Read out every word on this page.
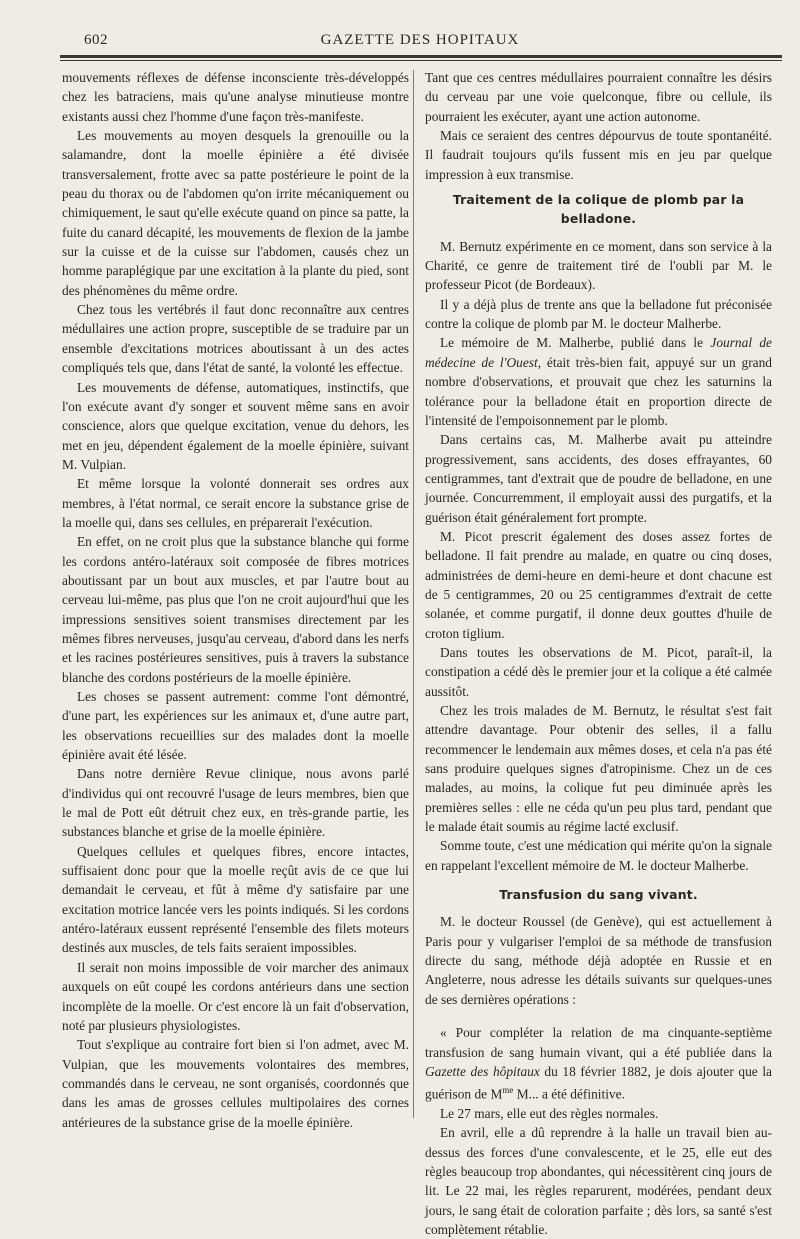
602	GAZETTE DES HOPITAUX

mouvements réflexes de défense inconsciente très-développés chez les batraciens, mais qu'une analyse minutieuse montre existants aussi chez l'homme d'une façon très-manifeste.

Les mouvements au moyen desquels la grenouille ou la salamandre, dont la moelle épinière a été divisée transversalement, frotte avec sa patte postérieure le point de la peau du thorax ou de l'abdomen qu'on irrite mécaniquement ou chimiquement, le saut qu'elle exécute quand on pince sa patte, la fuite du canard décapité, les mouvements de flexion de la jambe sur la cuisse et de la cuisse sur l'abdomen, causés chez un homme paraplégique par une excitation à la plante du pied, sont des phénomènes du même ordre.

Chez tous les vertébrés il faut donc reconnaître aux centres médullaires une action propre, susceptible de se traduire par un ensemble d'excitations motrices aboutissant à un des actes compliqués tels que, dans l'état de santé, la volonté les effectue.

Les mouvements de défense, automatiques, instinctifs, que l'on exécute avant d'y songer et souvent même sans en avoir conscience, alors que quelque excitation, venue du dehors, les met en jeu, dépendent également de la moelle épinière, suivant M. Vulpian.

Et même lorsque la volonté donnerait ses ordres aux membres, à l'état normal, ce serait encore la substance grise de la moelle qui, dans ses cellules, en préparerait l'exécution.

En effet, on ne croit plus que la substance blanche qui forme les cordons antéro-latéraux soit composée de fibres motrices aboutissant par un bout aux muscles, et par l'autre bout au cerveau lui-même, pas plus que l'on ne croit aujourd'hui que les impressions sensitives soient transmises directement par les mêmes fibres nerveuses, jusqu'au cerveau, d'abord dans les nerfs et les racines postérieures sensitives, puis à travers la substance blanche des cordons postérieurs de la moelle épinière.

Les choses se passent autrement: comme l'ont démontré, d'une part, les expériences sur les animaux et, d'une autre part, les observations recueillies sur des malades dont la moelle épinière avait été lésée.

Dans notre dernière Revue clinique, nous avons parlé d'individus qui ont recouvré l'usage de leurs membres, bien que le mal de Pott eût détruit chez eux, en très-grande partie, les substances blanche et grise de la moelle épinière.

Quelques cellules et quelques fibres, encore intactes, suffisaient donc pour que la moelle reçût avis de ce que lui demandait le cerveau, et fût à même d'y satisfaire par une excitation motrice lancée vers les points indiqués. Si les cordons antéro-latéraux eussent représenté l'ensemble des filets moteurs destinés aux muscles, de tels faits seraient impossibles.

Il serait non moins impossible de voir marcher des animaux auxquels on eût coupé les cordons antérieurs dans une section incomplète de la moelle. Or c'est encore là un fait d'observation, noté par plusieurs physiologistes.

Tout s'explique au contraire fort bien si l'on admet, avec M. Vulpian, que les mouvements volontaires des membres, commandés dans le cerveau, ne sont organisés, coordonnés que dans les amas de grosses cellules multipolaires des cornes antérieures de la substance grise de la moelle épinière.

Tant que ces centres médullaires pourraient connaître les désirs du cerveau par une voie quelconque, fibre ou cellule, ils pourraient les exécuter, ayant une action autonome.

Mais ce seraient des centres dépourvus de toute spontanéité. Il faudrait toujours qu'ils fussent mis en jeu par quelque impression à eux transmise.

Traitement de la colique de plomb par la belladone.

M. Bernutz expérimente en ce moment, dans son service à la Charité, ce genre de traitement tiré de l'oubli par M. le professeur Picot (de Bordeaux).

Il y a déjà plus de trente ans que la belladone fut préconisée contre la colique de plomb par M. le docteur Malherbe.

Le mémoire de M. Malherbe, publié dans le Journal de médecine de l'Ouest, était très-bien fait, appuyé sur un grand nombre d'observations, et prouvait que chez les saturnins la tolérance pour la belladone était en proportion directe de l'intensité de l'empoisonnement par le plomb.

Dans certains cas, M. Malherbe avait pu atteindre progressivement, sans accidents, des doses effrayantes, 60 centigrammes, tant d'extrait que de poudre de belladone, en une journée. Concurremment, il employait aussi des purgatifs, et la guérison était généralement fort prompte.

M. Picot prescrit également des doses assez fortes de belladone. Il fait prendre au malade, en quatre ou cinq doses, administrées de demi-heure en demi-heure et dont chacune est de 5 centigrammes, 20 ou 25 centigrammes d'extrait de cette solanée, et comme purgatif, il donne deux gouttes d'huile de croton tiglium.

Dans toutes les observations de M. Picot, paraît-il, la constipation a cédé dès le premier jour et la colique a été calmée aussitôt.

Chez les trois malades de M. Bernutz, le résultat s'est fait attendre davantage. Pour obtenir des selles, il a fallu recommencer le lendemain aux mêmes doses, et cela n'a pas été sans produire quelques signes d'atropinisme. Chez un de ces malades, au moins, la colique fut peu diminuée après les premières selles : elle ne céda qu'un peu plus tard, pendant que le malade était soumis au régime lacté exclusif.

Somme toute, c'est une médication qui mérite qu'on la signale en rappelant l'excellent mémoire de M. le docteur Malherbe.

Transfusion du sang vivant.

M. le docteur Roussel (de Genève), qui est actuellement à Paris pour y vulgariser l'emploi de sa méthode de transfusion directe du sang, méthode déjà adoptée en Russie et en Angleterre, nous adresse les détails suivants sur quelques-unes de ses dernières opérations :

« Pour compléter la relation de ma cinquante-septième transfusion de sang humain vivant, qui a été publiée dans la Gazette des hôpitaux du 18 février 1882, je dois ajouter que la guérison de $M^{me}$ M... a été définitive.

Le 27 mars, elle eut des règles normales.

En avril, elle a dû reprendre à la halle un travail bien au-dessus des forces d'une convalescente, et le 25, elle eut des règles beaucoup trop abondantes, qui nécessitèrent cinq jours de lit. Le 22 mai, les règles reparurent, modérées, pendant deux jours, le sang était de coloration parfaite ; dès lors, sa santé s'est complètement rétablie.
